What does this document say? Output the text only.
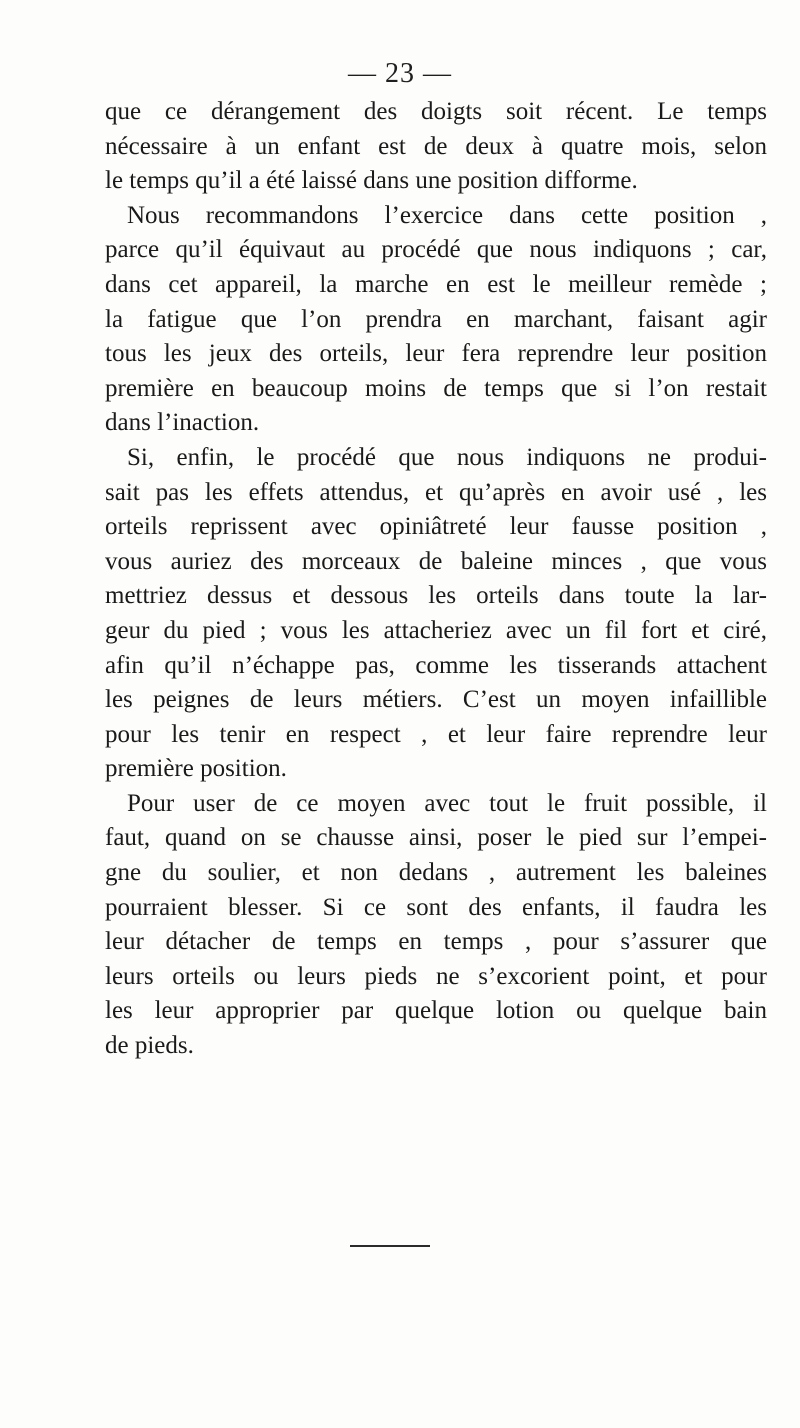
— 23 —
que ce dérangement des doigts soit récent. Le temps
nécessaire à un enfant est de deux à quatre mois, selon
le temps qu’il a été laissé dans une position difforme.
Nous recommandons l’exercice dans cette position ,
parce qu’il équivaut au procédé que nous indiquons ; car,
dans cet appareil, la marche en est le meilleur remède ;
la fatigue que l’on prendra en marchant, faisant agir
tous les jeux des orteils, leur fera reprendre leur position
première en beaucoup moins de temps que si l’on restait
dans l’inaction.
Si, enfin, le procédé que nous indiquons ne produi-
sait pas les effets attendus, et qu’après en avoir usé , les
orteils reprissent avec opiniâtreté leur fausse position ,
vous auriez des morceaux de baleine minces , que vous
mettriez dessus et dessous les orteils dans toute la lar-
geur du pied ; vous les attacheriez avec un fil fort et ciré,
afin qu’il n’échappe pas, comme les tisserands attachent
les peignes de leurs métiers. C’est un moyen infaillible
pour les tenir en respect , et leur faire reprendre leur
première position.
Pour user de ce moyen avec tout le fruit possible, il
faut, quand on se chausse ainsi, poser le pied sur l’empei-
gne du soulier, et non dedans , autrement les baleines
pourraient blesser. Si ce sont des enfants, il faudra les
leur détacher de temps en temps , pour s’assurer que
leurs orteils ou leurs pieds ne s’excorient point, et pour
les leur approprier par quelque lotion ou quelque bain
de pieds.
